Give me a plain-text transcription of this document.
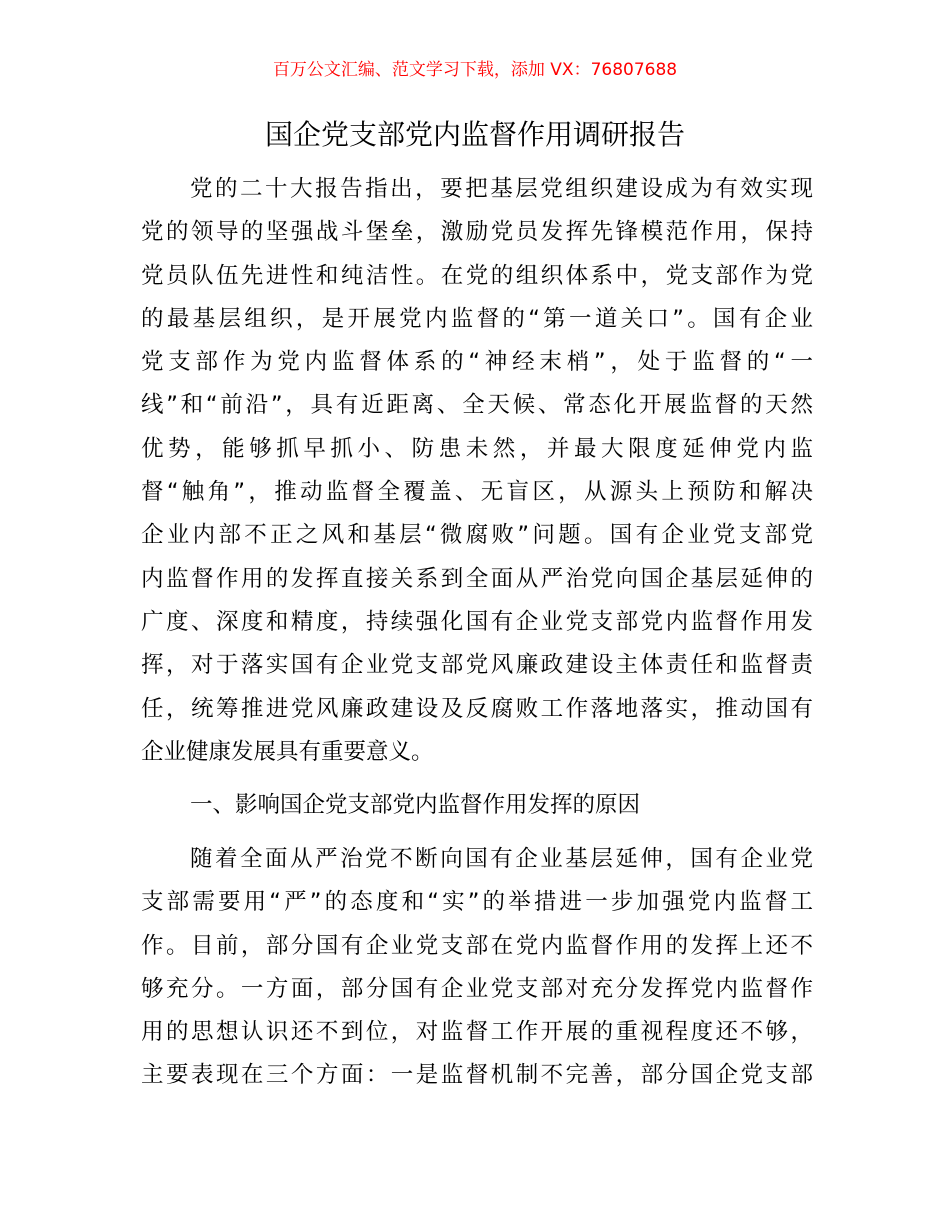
百万公文汇编、范文学习下载，添加 VX：76807688
国企党支部党内监督作用调研报告
党的二十大报告指出，要把基层党组织建设成为有效实现
党的领导的坚强战斗堡垒，激励党员发挥先锋模范作用，保持
党员队伍先进性和纯洁性。在党的组织体系中，党支部作为党
的最基层组织，是开展党内监督的“第一道关口”。国有企业
党支部作为党内监督体系的“神经末梢”，处于监督的“一
线”和“前沿”，具有近距离、全天候、常态化开展监督的天然
优势，能够抓早抓小、防患未然，并最大限度延伸党内监
督“触角”，推动监督全覆盖、无盲区，从源头上预防和解决
企业内部不正之风和基层“微腐败”问题。国有企业党支部党
内监督作用的发挥直接关系到全面从严治党向国企基层延伸的
广度、深度和精度，持续强化国有企业党支部党内监督作用发
挥，对于落实国有企业党支部党风廉政建设主体责任和监督责
任，统筹推进党风廉政建设及反腐败工作落地落实，推动国有
企业健康发展具有重要意义。
一、影响国企党支部党内监督作用发挥的原因
随着全面从严治党不断向国有企业基层延伸，国有企业党
支部需要用“严”的态度和“实”的举措进一步加强党内监督工
作。目前，部分国有企业党支部在党内监督作用的发挥上还不
够充分。一方面，部分国有企业党支部对充分发挥党内监督作
用的思想认识还不到位，对监督工作开展的重视程度还不够，
主要表现在三个方面：一是监督机制不完善，部分国企党支部
